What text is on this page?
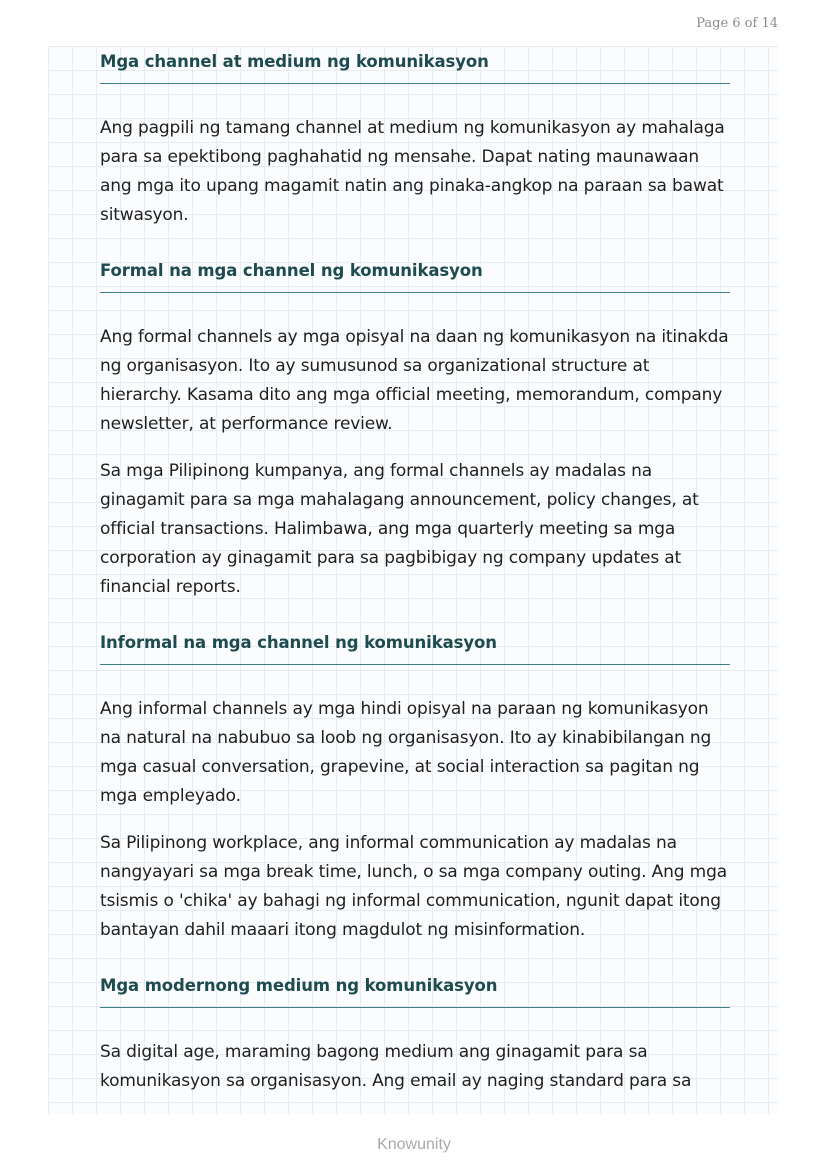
Page 6 of 14
Mga channel at medium ng komunikasyon

Ang pagpili ng tamang channel at medium ng komunikasyon ay mahalaga para sa epektibong paghahatid ng mensahe. Dapat nating maunawaan ang mga ito upang magamit natin ang pinaka-angkop na paraan sa bawat sitwasyon.

Formal na mga channel ng komunikasyon

Ang formal channels ay mga opisyal na daan ng komunikasyon na itinakda ng organisasyon. Ito ay sumusunod sa organizational structure at hierarchy. Kasama dito ang mga official meeting, memorandum, company newsletter, at performance review.

Sa mga Pilipinong kumpanya, ang formal channels ay madalas na ginagamit para sa mga mahalagang announcement, policy changes, at official transactions. Halimbawa, ang mga quarterly meeting sa mga corporation ay ginagamit para sa pagbibigay ng company updates at financial reports.

Informal na mga channel ng komunikasyon

Ang informal channels ay mga hindi opisyal na paraan ng komunikasyon na natural na nabubuo sa loob ng organisasyon. Ito ay kinabibilangan ng mga casual conversation, grapevine, at social interaction sa pagitan ng mga empleyado.

Sa Pilipinong workplace, ang informal communication ay madalas na nangyayari sa mga break time, lunch, o sa mga company outing. Ang mga tsismis o 'chika' ay bahagi ng informal communication, ngunit dapat itong bantayan dahil maaari itong magdulot ng misinformation.

Mga modernong medium ng komunikasyon

Sa digital age, maraming bagong medium ang ginagamit para sa komunikasyon sa organisasyon. Ang email ay naging standard para sa

Knowunity
